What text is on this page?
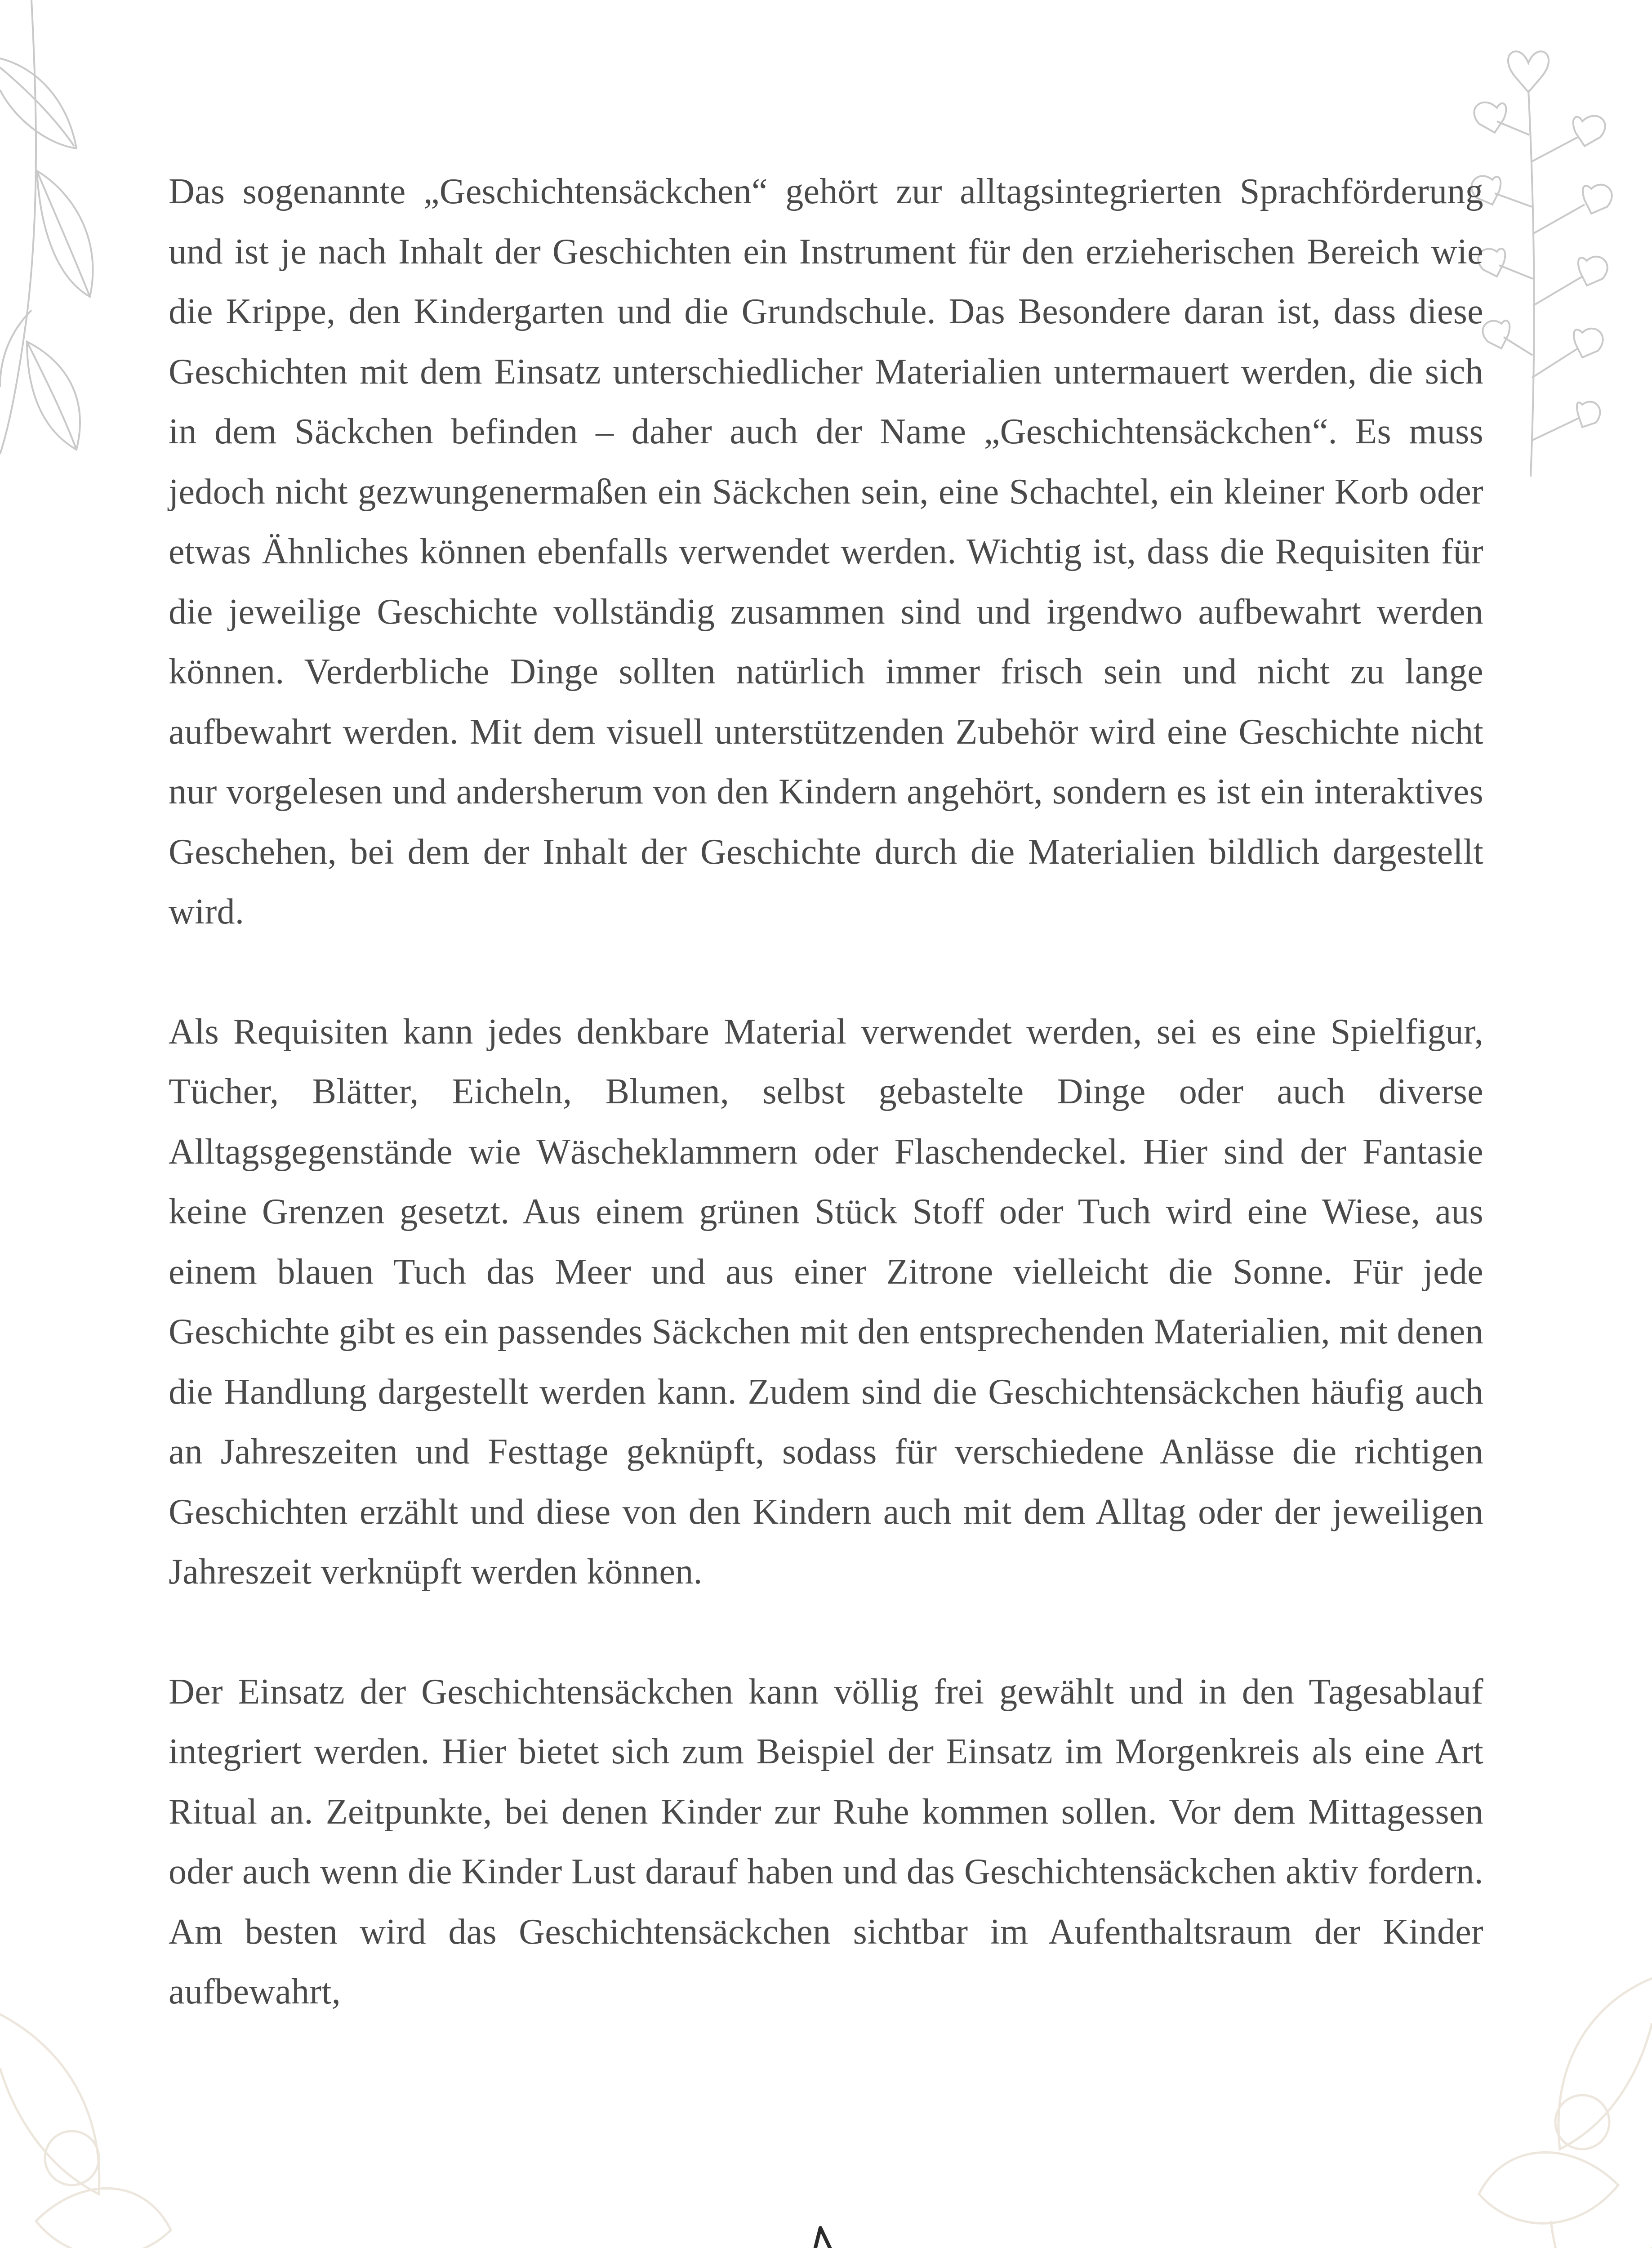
Das sogenannte „Geschichtensäckchen“ gehört zur alltagsintegrierten Sprachförderung und ist je nach Inhalt der Geschichten ein Instrument für den erzieherischen Bereich wie die Krippe, den Kindergarten und die Grundschule. Das Besondere daran ist, dass diese Geschichten mit dem Einsatz unterschiedlicher Materialien untermauert werden, die sich in dem Säckchen befinden – daher auch der Name „Geschichtensäckchen“. Es muss jedoch nicht gezwungenermaßen ein Säckchen sein, eine Schachtel, ein kleiner Korb oder etwas Ähnliches können ebenfalls verwendet werden. Wichtig ist, dass die Requisiten für die jeweilige Geschichte vollständig zusammen sind und irgendwo aufbewahrt werden können. Verderbliche Dinge sollten natürlich immer frisch sein und nicht zu lange aufbewahrt werden. Mit dem visuell unterstützenden Zubehör wird eine Geschichte nicht nur vorgelesen und andersherum von den Kindern angehört, sondern es ist ein interaktives Geschehen, bei dem der Inhalt der Geschichte durch die Materialien bildlich dargestellt wird.

Als Requisiten kann jedes denkbare Material verwendet werden, sei es eine Spielfigur, Tücher, Blätter, Eicheln, Blumen, selbst gebastelte Dinge oder auch diverse Alltagsgegenstände wie Wäscheklammern oder Flaschendeckel. Hier sind der Fantasie keine Grenzen gesetzt. Aus einem grünen Stück Stoff oder Tuch wird eine Wiese, aus einem blauen Tuch das Meer und aus einer Zitrone vielleicht die Sonne. Für jede Geschichte gibt es ein passendes Säckchen mit den entsprechenden Materialien, mit denen die Handlung dargestellt werden kann. Zudem sind die Geschichtensäckchen häufig auch an Jahreszeiten und Festtage geknüpft, sodass für verschiedene Anlässe die richtigen Geschichten erzählt und diese von den Kindern auch mit dem Alltag oder der jeweiligen Jahreszeit verknüpft werden können.

Der Einsatz der Geschichtensäckchen kann völlig frei gewählt und in den Tagesablauf integriert werden. Hier bietet sich zum Beispiel der Einsatz im Morgenkreis als eine Art Ritual an. Zeitpunkte, bei denen Kinder zur Ruhe kommen sollen. Vor dem Mittagessen oder auch wenn die Kinder Lust darauf haben und das Geschichtensäckchen aktiv fordern. Am besten wird das Geschichtensäckchen sichtbar im Aufenthaltsraum der Kinder aufbewahrt,
